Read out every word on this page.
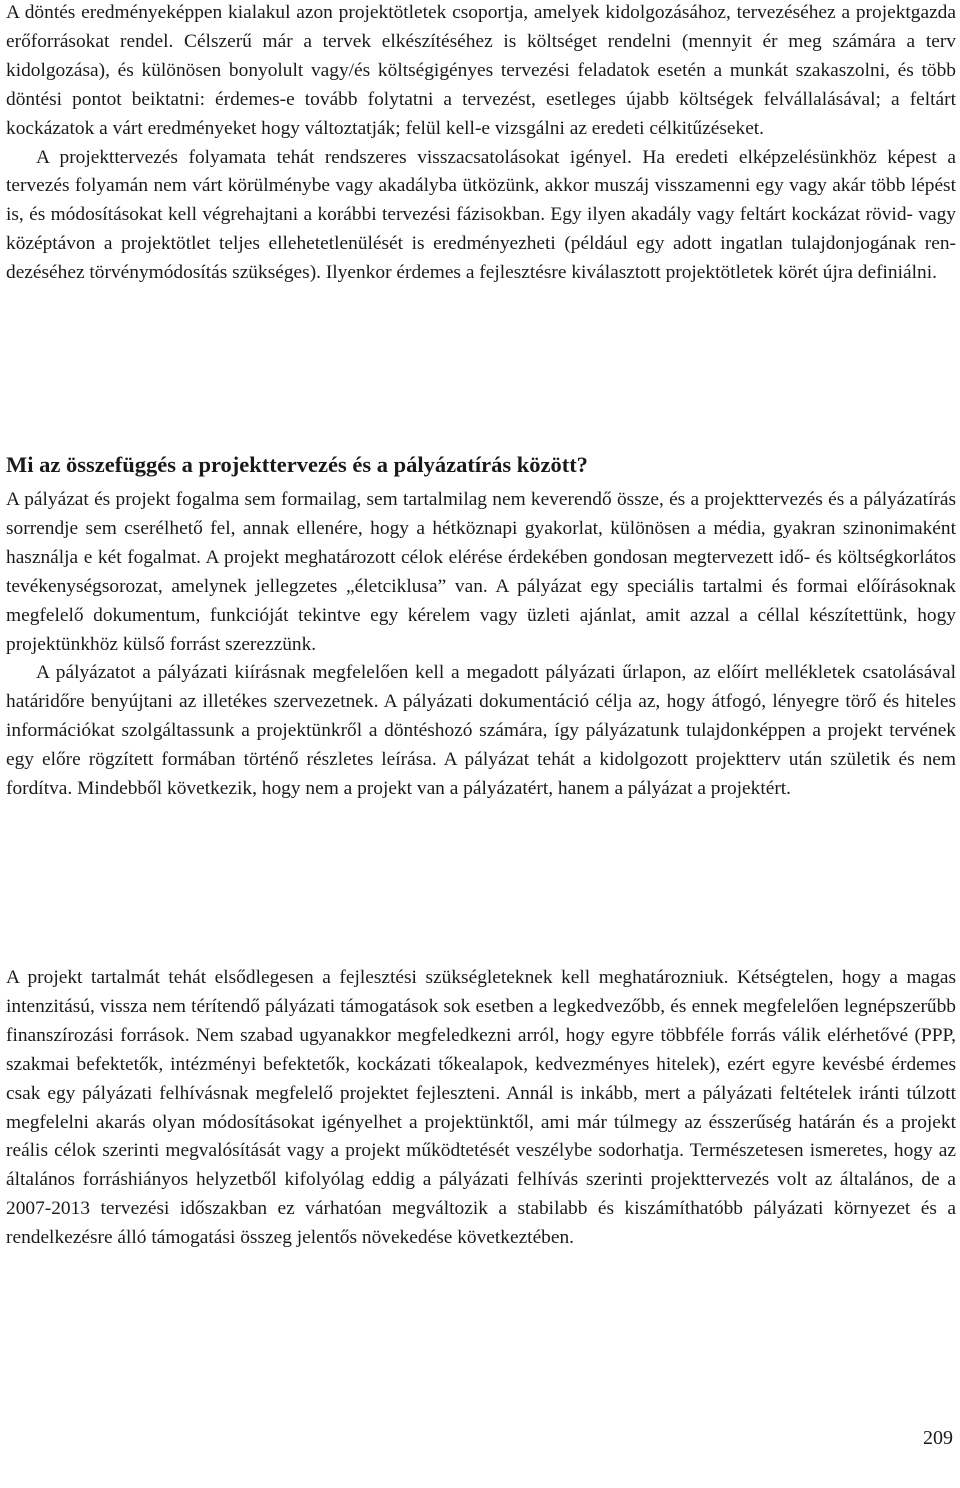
A döntés eredményeképpen kialakul azon projektötletek csoportja, amelyek kidolgozásához, tervezéséhez a projektgazda erőforrásokat rendel. Célszerű már a tervek elkészítéséhez is költséget rendelni (mennyit ér meg számára a terv kidolgozása), és különösen bonyolult vagy/és költségigényes tervezési feladatok esetén a munkát szakaszolni, és több döntési pontot beiktatni: érdemes-e tovább folytatni a tervezést, esetleges újabb költségek felvállalásával; a feltárt kockázatok a várt eredményeket hogy változtatják; felül kell-e vizsgálni az eredeti célkitűzéseket.

A projekttervezés folyamata tehát rendszeres visszacsatolásokat igényel. Ha eredeti elképzelésünkhöz képest a tervezés folyamán nem várt körülménybe vagy akadályba ütközünk, akkor muszáj visszamenni egy vagy akár több lépést is, és módosításokat kell végrehajtani a korábbi tervezési fázisokban. Egy ilyen akadály vagy feltárt kockázat rövid- vagy középtávon a projektötlet teljes ellehetetlenülését is eredményezheti (például egy adott ingatlan tulajdonjogának rendezéséhez törvénymódosítás szükséges). Ilyenkor érdemes a fejlesztésre kiválasztott projektötletek körét újra definiálni.

Mi az összefüggés a projekttervezés és a pályázatírás között?

A pályázat és projekt fogalma sem formailag, sem tartalmilag nem keverendő össze, és a projekttervezés és a pályázatírás sorrendje sem cserélhető fel, annak ellenére, hogy a hétköznapi gyakorlat, különösen a média, gyakran szinonimaként használja e két fogalmat. A projekt meghatározott célok elérése érdekében gondosan megtervezett idő- és költségkorlátos tevékenységsorozat, amelynek jellegzetes „életciklusa” van. A pályázat egy speciális tartalmi és formai előírásoknak megfelelő dokumentum, funkcióját tekintve egy kérelem vagy üzleti ajánlat, amit azzal a céllal készítettünk, hogy projektünkhöz külső forrást szerezzünk.

A pályázatot a pályázati kiírásnak megfelelően kell a megadott pályázati űrlapon, az előírt mellékletek csatolásával határidőre benyújtani az illetékes szervezetnek. A pályázati dokumentáció célja az, hogy átfogó, lényegre törő és hiteles információkat szolgáltassunk a projektünkről a döntéshozó számára, így pályázatunk tulajdonképpen a projekt tervének egy előre rögzített formában történő részletes leírása. A pályázat tehát a kidolgozott projektterv után születik és nem fordítva. Mindebből következik, hogy nem a projekt van a pályázatért, hanem a pályázat a projektért.

A projekt tartalmát tehát elsődlegesen a fejlesztési szükségleteknek kell meghatározniuk. Kétségtelen, hogy a magas intenzitású, vissza nem térítendő pályázati támogatások sok esetben a legkedvezőbb, és ennek megfelelően legnépszerűbb finanszírozási források. Nem szabad ugyanakkor megfeledkezni arról, hogy egyre többféle forrás válik elérhetővé (PPP, szakmai befektetők, intézményi befektetők, kockázati tőkealapok, kedvezményes hitelek), ezért egyre kevésbé érdemes csak egy pályázati felhívásnak megfelelő projektet fejleszteni. Annál is inkább, mert a pályázati feltételek iránti túlzott megfelelni akarás olyan módosításokat igényelhet a projektünktől, ami már túlmegy az ésszerűség határán és a projekt reális célok szerinti megvalósítását vagy a projekt működtetését veszélybe sodorhatja. Természetesen ismeretes, hogy az általános forráshiányos helyzetből kifolyólag eddig a pályázati felhívás szerinti projekttervezés volt az általános, de a 2007-2013 tervezési időszakban ez várhatóan megváltozik a stabilabb és kiszámíthatóbb pályázati környezet és a rendelkezésre álló támogatási összeg jelentős növekedése következtében.

209
